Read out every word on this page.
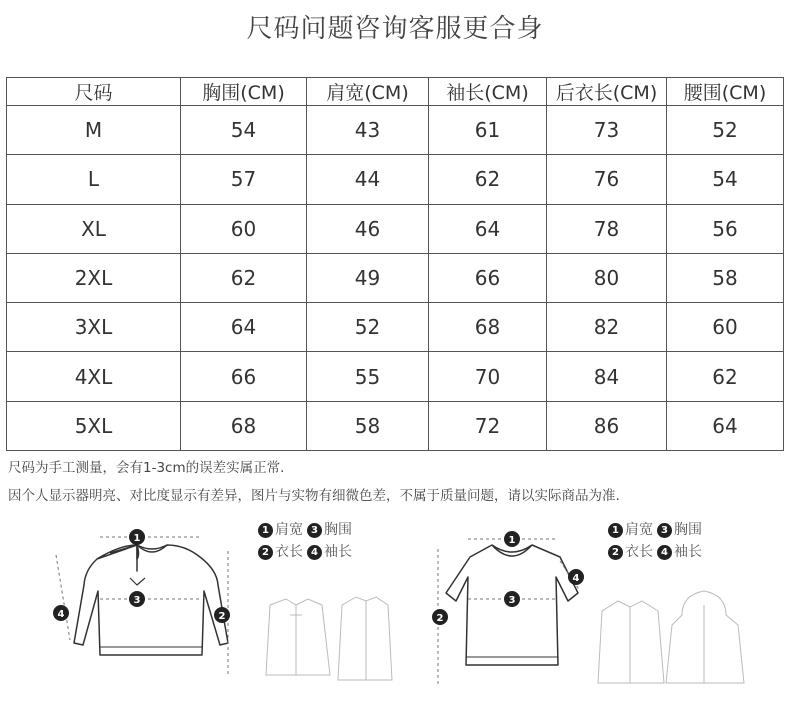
尺码问题咨询客服更合身
尺码	胸围(CM)	肩宽(CM)	袖长(CM)	后衣长(CM)	腰围(CM)
M	54	43	61	73	52
L	57	44	62	76	54
XL	60	46	64	78	56
2XL	62	49	66	80	58
3XL	64	52	68	82	60
4XL	66	55	70	84	62
5XL	68	58	72	86	64
尺码为手工测量，会有1-3cm的误差实属正常.
因个人显示器明亮、对比度显示有差异，图片与实物有细微色差，不属于质量问题，请以实际商品为准.
1
3
2
4
1 肩宽 3 胸围
2 衣长 4 袖长
1
3
2
4
1 肩宽 3 胸围
2 衣长 4 袖长
